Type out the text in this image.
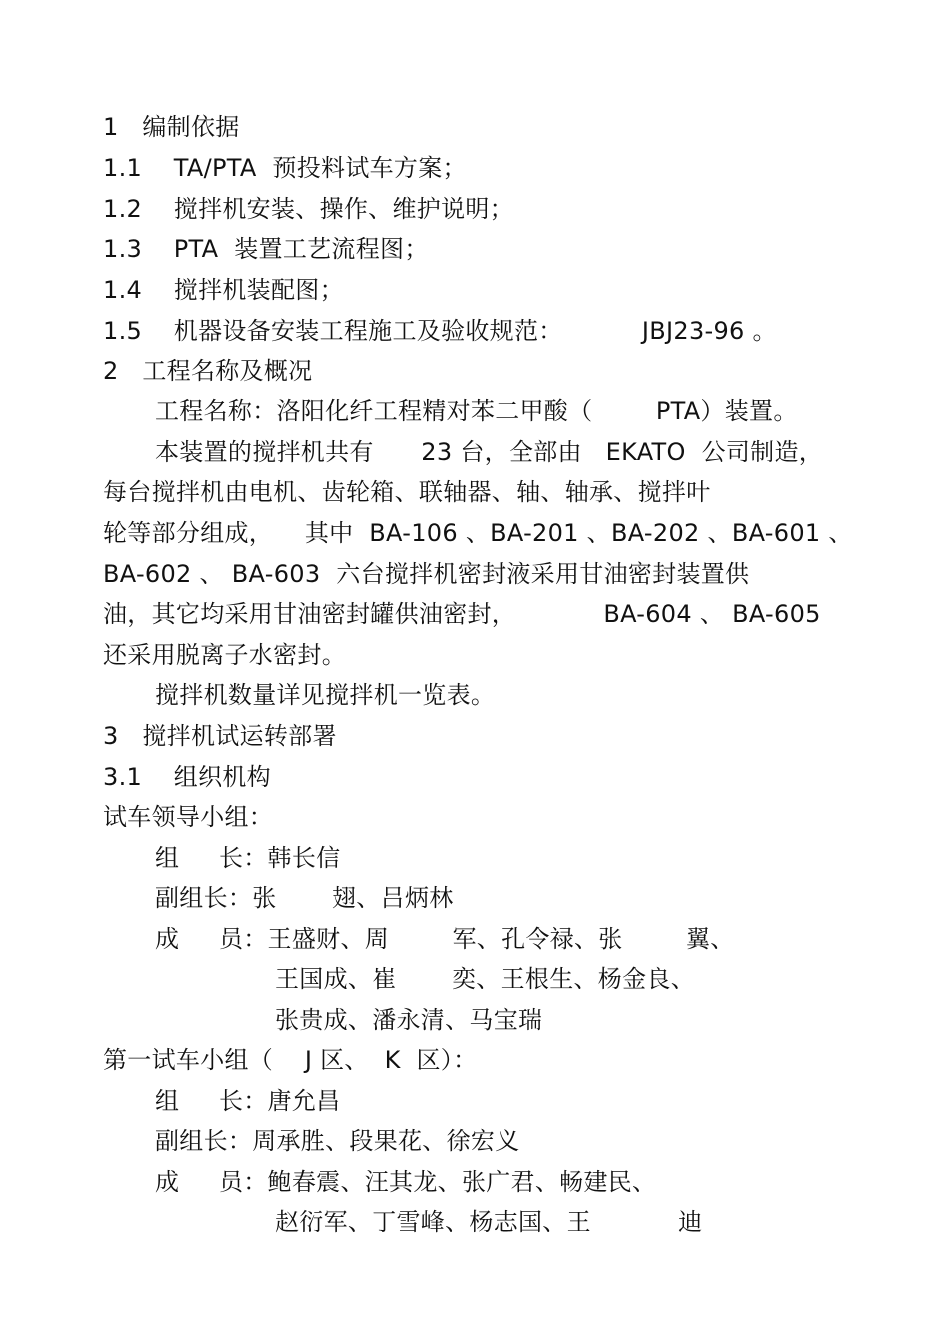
1   编制依据
1.1    TA/PTA  预投料试车方案；
1.2    搅拌机安装、操作、维护说明；
1.3    PTA  装置工艺流程图；
1.4    搅拌机装配图；
1.5    机器设备安装工程施工及验收规范：          JBJ23-96 。
2   工程名称及概况
工程名称：洛阳化纤工程精对苯二甲酸（        PTA）装置。
本装置的搅拌机共有      23 台，全部由   EKATO  公司制造，
每台搅拌机由电机、齿轮箱、联轴器、轴、轴承、搅拌叶
轮等部分组成，    其中  BA-106 、BA-201 、BA-202 、BA-601 、
BA-602 、 BA-603  六台搅拌机密封液采用甘油密封装置供
油，其它均采用甘油密封罐供油密封，           BA-604 、 BA-605
还采用脱离子水密封。
搅拌机数量详见搅拌机一览表。
3   搅拌机试运转部署
3.1    组织机构
试车领导小组：
组     长：韩长信
副组长：张       翅、吕炳林
成     员：王盛财、周        军、孔令禄、张        翼、
王国成、崔       奕、王根生、杨金良、
张贵成、潘永清、马宝瑞
第一试车小组（    J 区、  K  区）：
组     长：唐允昌
副组长：周承胜、段果花、徐宏义
成     员：鲍春震、汪其龙、张广君、畅建民、
赵衍军、丁雪峰、杨志国、王           迪
